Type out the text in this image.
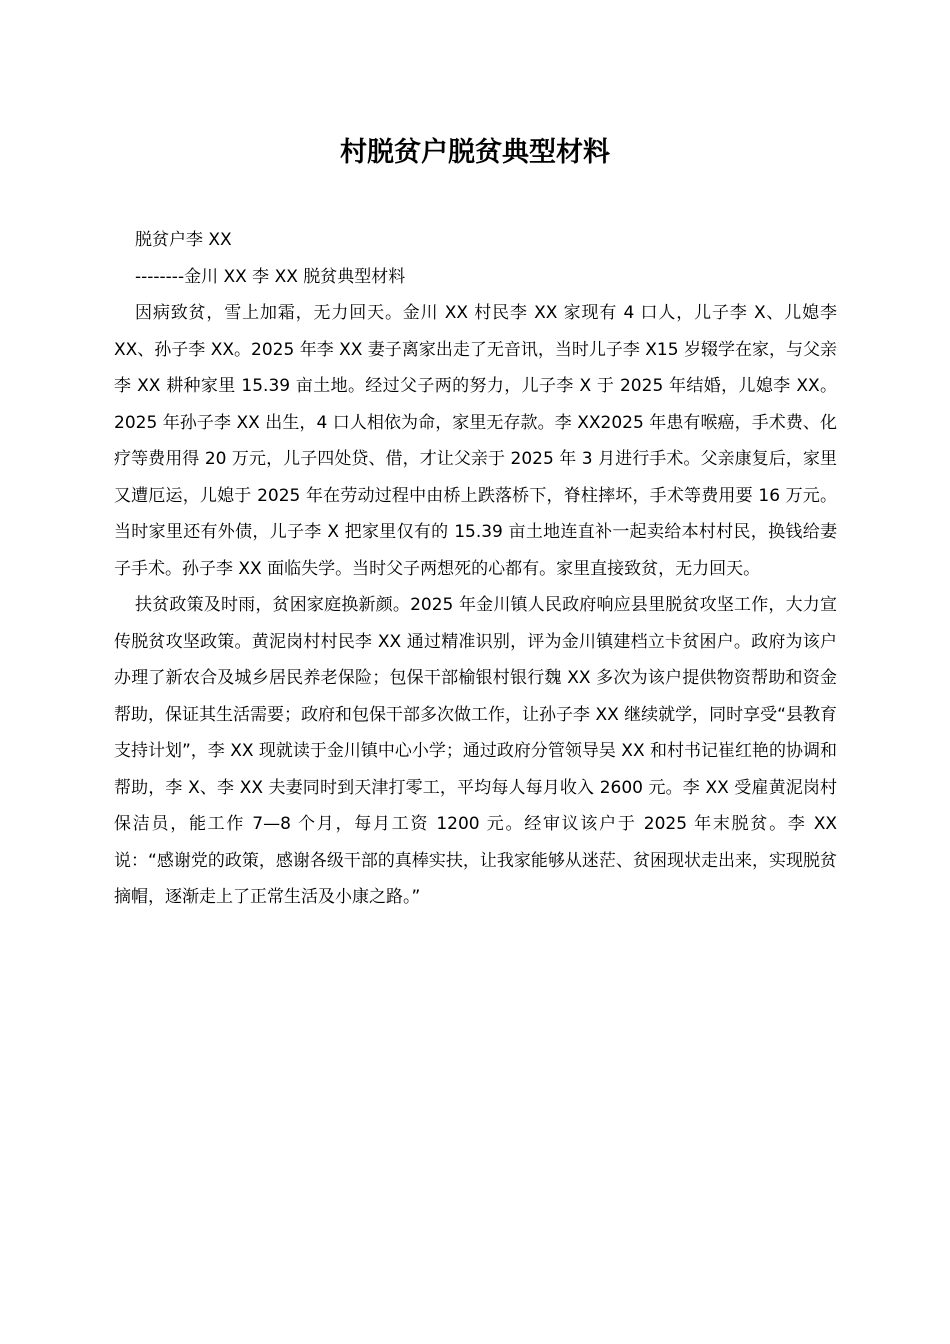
村脱贫户脱贫典型材料

脱贫户李 XX

--------金川 XX 李 XX 脱贫典型材料

因病致贫，雪上加霜，无力回天。金川 XX 村民李 XX 家现有 4 口人，儿子李 X、儿媳李 XX、孙子李 XX。2025 年李 XX 妻子离家出走了无音讯，当时儿子李 X15 岁辍学在家，与父亲李 XX 耕种家里 15.39 亩土地。经过父子两的努力，儿子李 X 于 2025 年结婚，儿媳李 XX。2025 年孙子李 XX 出生，4 口人相依为命，家里无存款。李 XX2025 年患有喉癌，手术费、化疗等费用得 20 万元，儿子四处贷、借，才让父亲于 2025 年 3 月进行手术。父亲康复后，家里又遭厄运，儿媳于 2025 年在劳动过程中由桥上跌落桥下，脊柱摔坏，手术等费用要 16 万元。当时家里还有外债，儿子李 X 把家里仅有的 15.39 亩土地连直补一起卖给本村村民，换钱给妻子手术。孙子李 XX 面临失学。当时父子两想死的心都有。家里直接致贫，无力回天。

扶贫政策及时雨，贫困家庭换新颜。2025 年金川镇人民政府响应县里脱贫攻坚工作，大力宣传脱贫攻坚政策。黄泥岗村村民李 XX 通过精准识别，评为金川镇建档立卡贫困户。政府为该户办理了新农合及城乡居民养老保险；包保干部榆银村银行魏 XX 多次为该户提供物资帮助和资金帮助，保证其生活需要；政府和包保干部多次做工作，让孙子李 XX 继续就学，同时享受“县教育支持计划”，李 XX 现就读于金川镇中心小学；通过政府分管领导吴 XX 和村书记崔红艳的协调和帮助，李 X、李 XX 夫妻同时到天津打零工，平均每人每月收入 2600 元。李 XX 受雇黄泥岗村保洁员，能工作 7—8 个月，每月工资 1200 元。经审议该户于 2025 年末脱贫。李 XX 说：“感谢党的政策，感谢各级干部的真棒实扶，让我家能够从迷茫、贫困现状走出来，实现脱贫摘帽，逐渐走上了正常生活及小康之路。”
